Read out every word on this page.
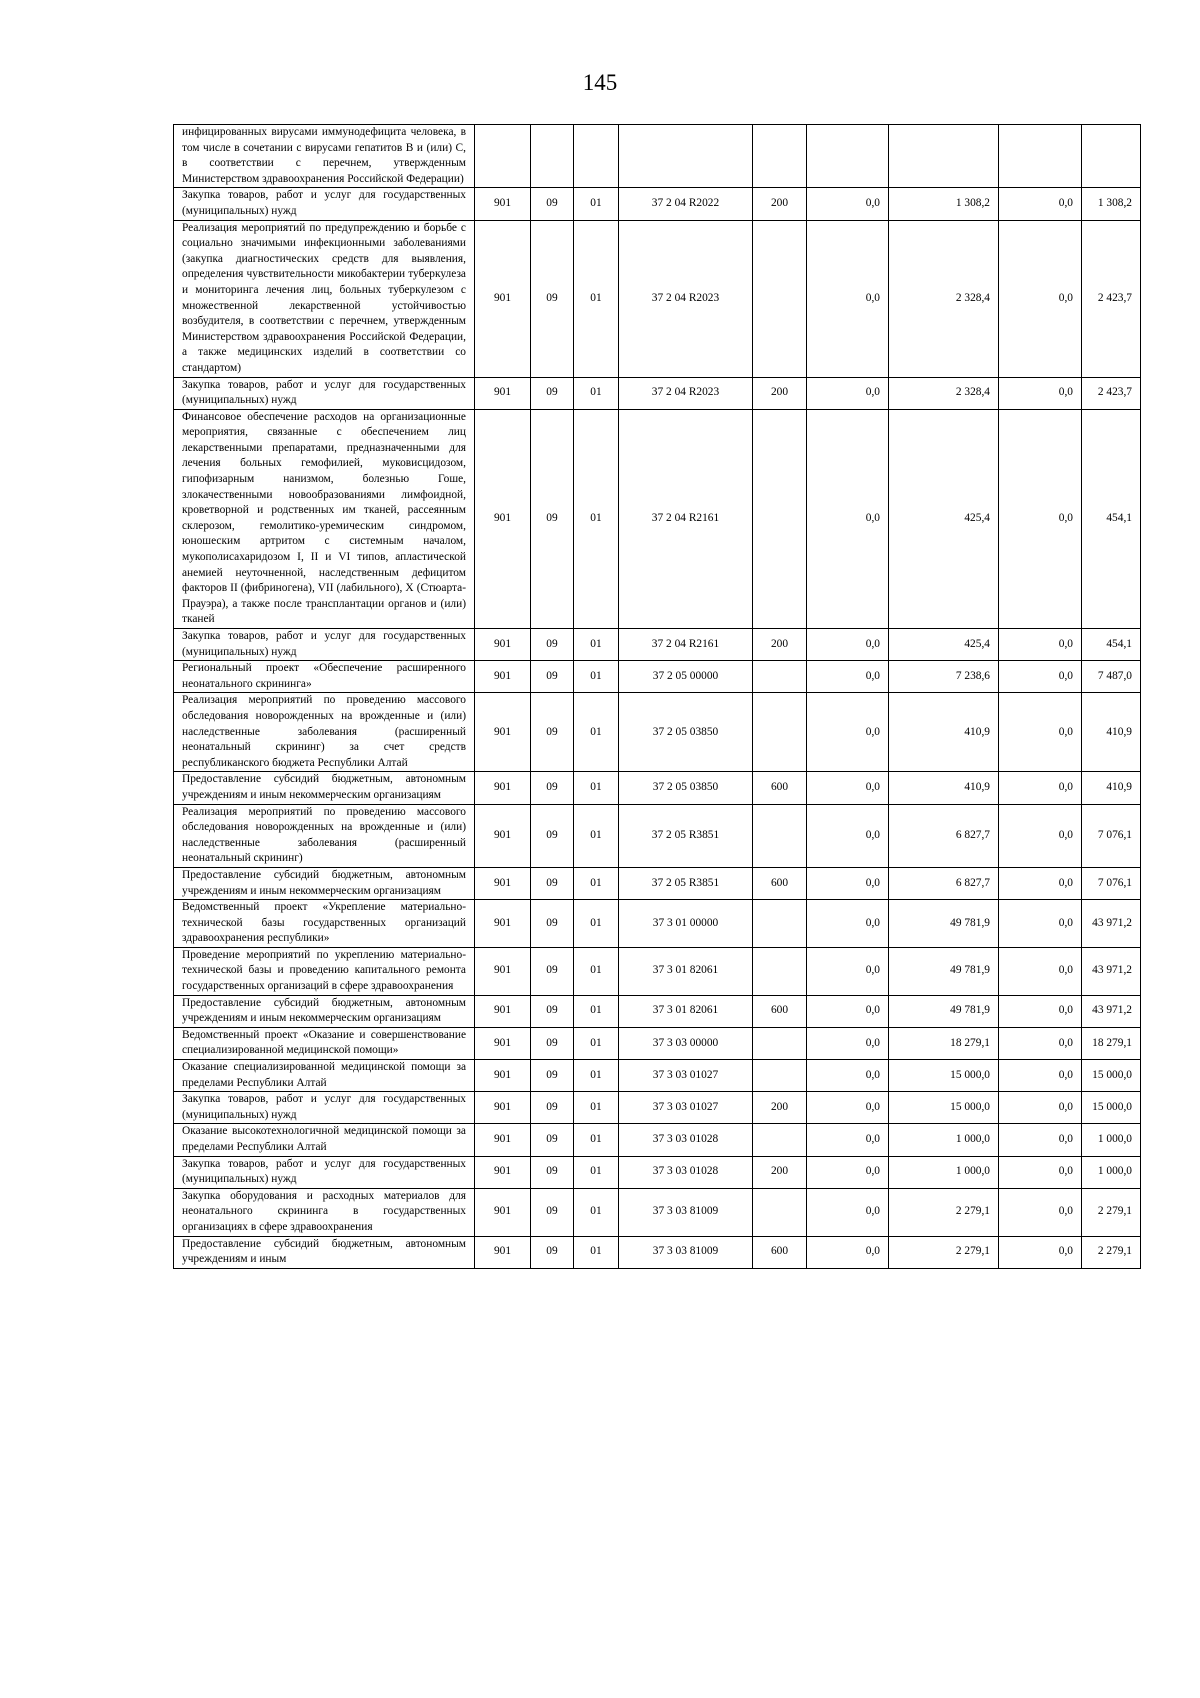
145
инфицированных вирусами иммунодефицита человека, в том числе в сочетании с вирусами гепатитов B и (или) C, в соответствии с перечнем, утвержденным Министерством здравоохранения Российской Федерации)									
Закупка товаров, работ и услуг для государственных (муниципальных) нужд	901	09	01	37 2 04 R2022	200	0,0	1 308,2	0,0	1 308,2
Реализация мероприятий по предупреждению и борьбе с социально значимыми инфекционными заболеваниями (закупка диагностических средств для выявления, определения чувствительности микобактерии туберкулеза и мониторинга лечения лиц, больных туберкулезом с множественной лекарственной устойчивостью возбудителя, в соответствии с перечнем, утвержденным Министерством здравоохранения Российской Федерации, а также медицинских изделий в соответствии со стандартом)	901	09	01	37 2 04 R2023		0,0	2 328,4	0,0	2 423,7
Закупка товаров, работ и услуг для государственных (муниципальных) нужд	901	09	01	37 2 04 R2023	200	0,0	2 328,4	0,0	2 423,7
Финансовое обеспечение расходов на организационные мероприятия, связанные с обеспечением лиц лекарственными препаратами, предназначенными для лечения больных гемофилией, муковисцидозом, гипофизарным нанизмом, болезнью Гоше, злокачественными новообразованиями лимфоидной, кроветворной и родственных им тканей, рассеянным склерозом, гемолитико-уремическим синдромом, юношеским артритом с системным началом, мукополисахаридозом I, II и VI типов, апластической анемией неуточненной, наследственным дефицитом факторов II (фибриногена), VII (лабильного), X (Стюарта-Прауэра), а также после трансплантации органов и (или) тканей	901	09	01	37 2 04 R2161		0,0	425,4	0,0	454,1
Закупка товаров, работ и услуг для государственных (муниципальных) нужд	901	09	01	37 2 04 R2161	200	0,0	425,4	0,0	454,1
Региональный проект «Обеспечение расширенного неонатального скрининга»	901	09	01	37 2 05 00000		0,0	7 238,6	0,0	7 487,0
Реализация мероприятий по проведению массового обследования новорожденных на врожденные и (или) наследственные заболевания (расширенный неонатальный скрининг) за счет средств республиканского бюджета Республики Алтай	901	09	01	37 2 05 03850		0,0	410,9	0,0	410,9
Предоставление субсидий бюджетным, автономным учреждениям и иным некоммерческим организациям	901	09	01	37 2 05 03850	600	0,0	410,9	0,0	410,9
Реализация мероприятий по проведению массового обследования новорожденных на врожденные и (или) наследственные заболевания (расширенный неонатальный скрининг)	901	09	01	37 2 05 R3851		0,0	6 827,7	0,0	7 076,1
Предоставление субсидий бюджетным, автономным учреждениям и иным некоммерческим организациям	901	09	01	37 2 05 R3851	600	0,0	6 827,7	0,0	7 076,1
Ведомственный проект «Укрепление материально-технической базы государственных организаций здравоохранения республики»	901	09	01	37 3 01 00000		0,0	49 781,9	0,0	43 971,2
Проведение мероприятий по укреплению материально-технической базы и проведению капитального ремонта государственных организаций в сфере здравоохранения	901	09	01	37 3 01 82061		0,0	49 781,9	0,0	43 971,2
Предоставление субсидий бюджетным, автономным учреждениям и иным некоммерческим организациям	901	09	01	37 3 01 82061	600	0,0	49 781,9	0,0	43 971,2
Ведомственный проект «Оказание и совершенствование специализированной медицинской помощи»	901	09	01	37 3 03 00000		0,0	18 279,1	0,0	18 279,1
Оказание специализированной медицинской помощи за пределами Республики Алтай	901	09	01	37 3 03 01027		0,0	15 000,0	0,0	15 000,0
Закупка товаров, работ и услуг для государственных (муниципальных) нужд	901	09	01	37 3 03 01027	200	0,0	15 000,0	0,0	15 000,0
Оказание высокотехнологичной медицинской помощи за пределами Республики Алтай	901	09	01	37 3 03 01028		0,0	1 000,0	0,0	1 000,0
Закупка товаров, работ и услуг для государственных (муниципальных) нужд	901	09	01	37 3 03 01028	200	0,0	1 000,0	0,0	1 000,0
Закупка оборудования и расходных материалов для неонатального скрининга в государственных организациях в сфере здравоохранения	901	09	01	37 3 03 81009		0,0	2 279,1	0,0	2 279,1
Предоставление субсидий бюджетным, автономным учреждениям и иным	901	09	01	37 3 03 81009	600	0,0	2 279,1	0,0	2 279,1
